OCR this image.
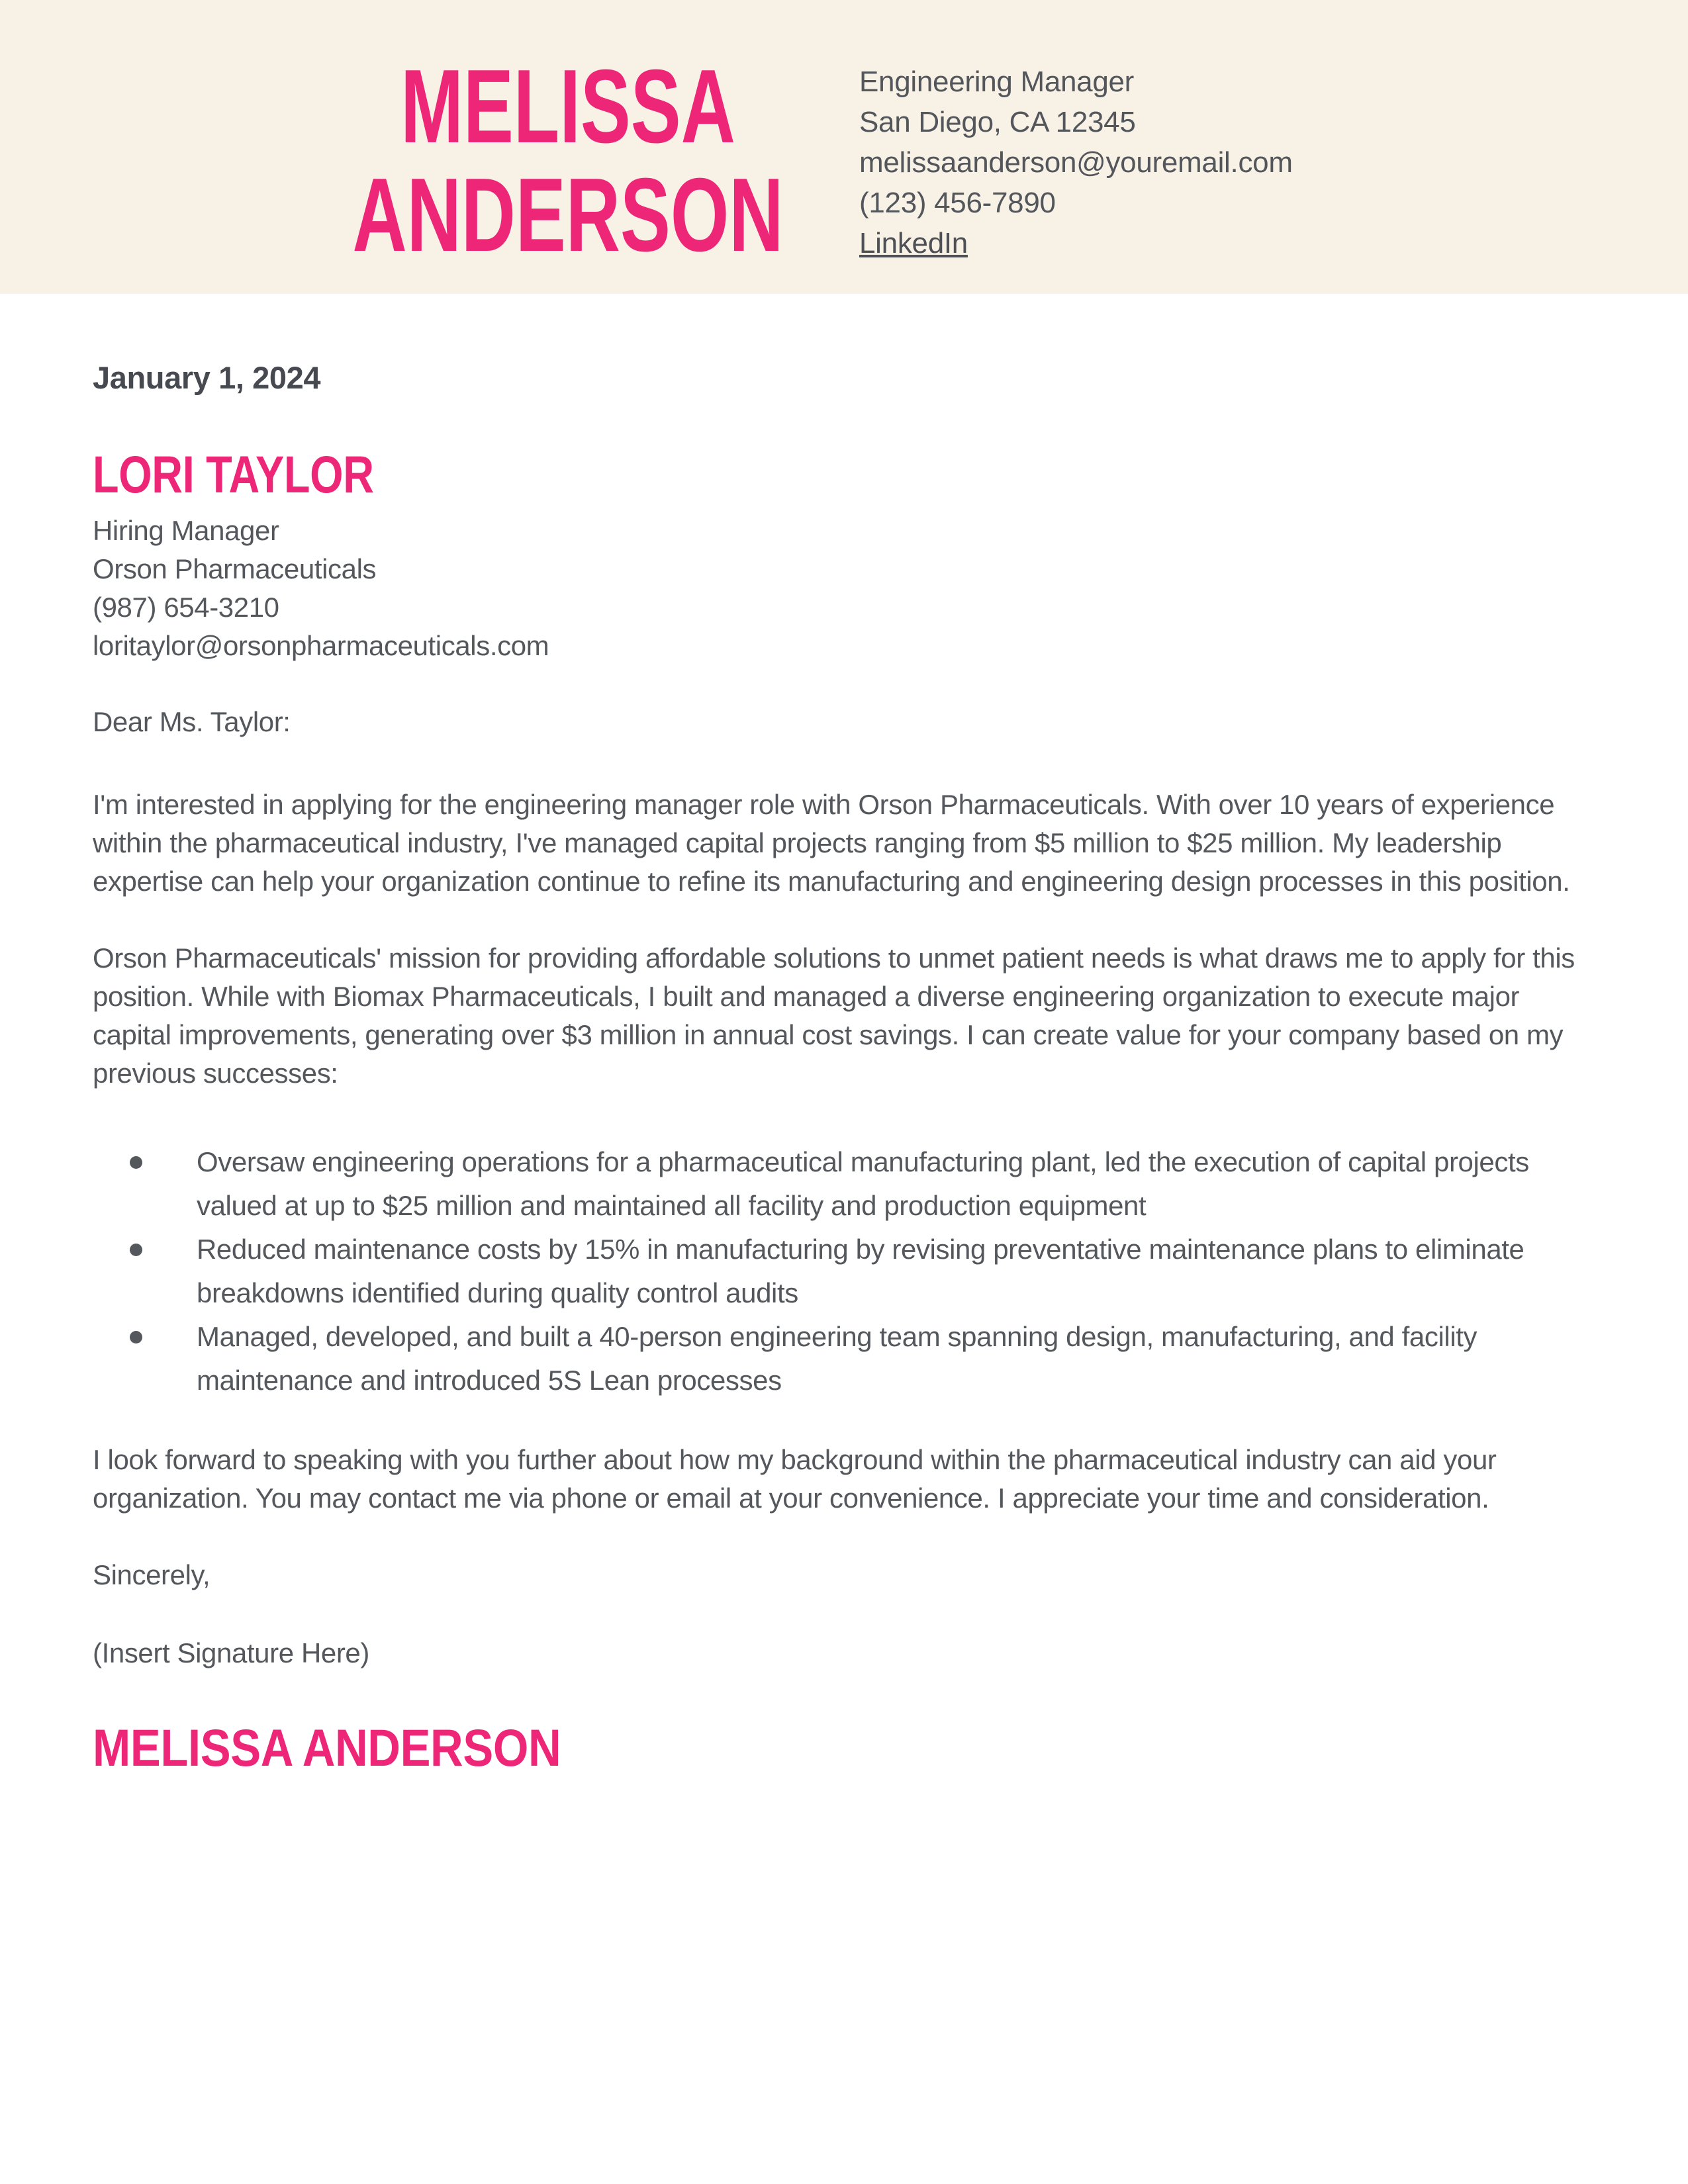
MELISSA
ANDERSON
Engineering Manager
San Diego, CA 12345
melissaanderson@youremail.com
(123) 456-7890
LinkedIn
January 1, 2024
LORI TAYLOR
Hiring Manager
Orson Pharmaceuticals
(987) 654-3210
loritaylor@orsonpharmaceuticals.com
Dear Ms. Taylor:

I'm interested in applying for the engineering manager role with Orson Pharmaceuticals. With over 10 years of experience within the pharmaceutical industry, I've managed capital projects ranging from $5 million to $25 million. My leadership expertise can help your organization continue to refine its manufacturing and engineering design processes in this position.

Orson Pharmaceuticals' mission for providing affordable solutions to unmet patient needs is what draws me to apply for this position. While with Biomax Pharmaceuticals, I built and managed a diverse engineering organization to execute major capital improvements, generating over $3 million in annual cost savings. I can create value for your company based on my previous successes:

Oversaw engineering operations for a pharmaceutical manufacturing plant, led the execution of capital projects valued at up to $25 million and maintained all facility and production equipment
Reduced maintenance costs by 15% in manufacturing by revising preventative maintenance plans to eliminate breakdowns identified during quality control audits
Managed, developed, and built a 40-person engineering team spanning design, manufacturing, and facility maintenance and introduced 5S Lean processes

I look forward to speaking with you further about how my background within the pharmaceutical industry can aid your organization. You may contact me via phone or email at your convenience. I appreciate your time and consideration.

Sincerely,
(Insert Signature Here)
MELISSA ANDERSON
